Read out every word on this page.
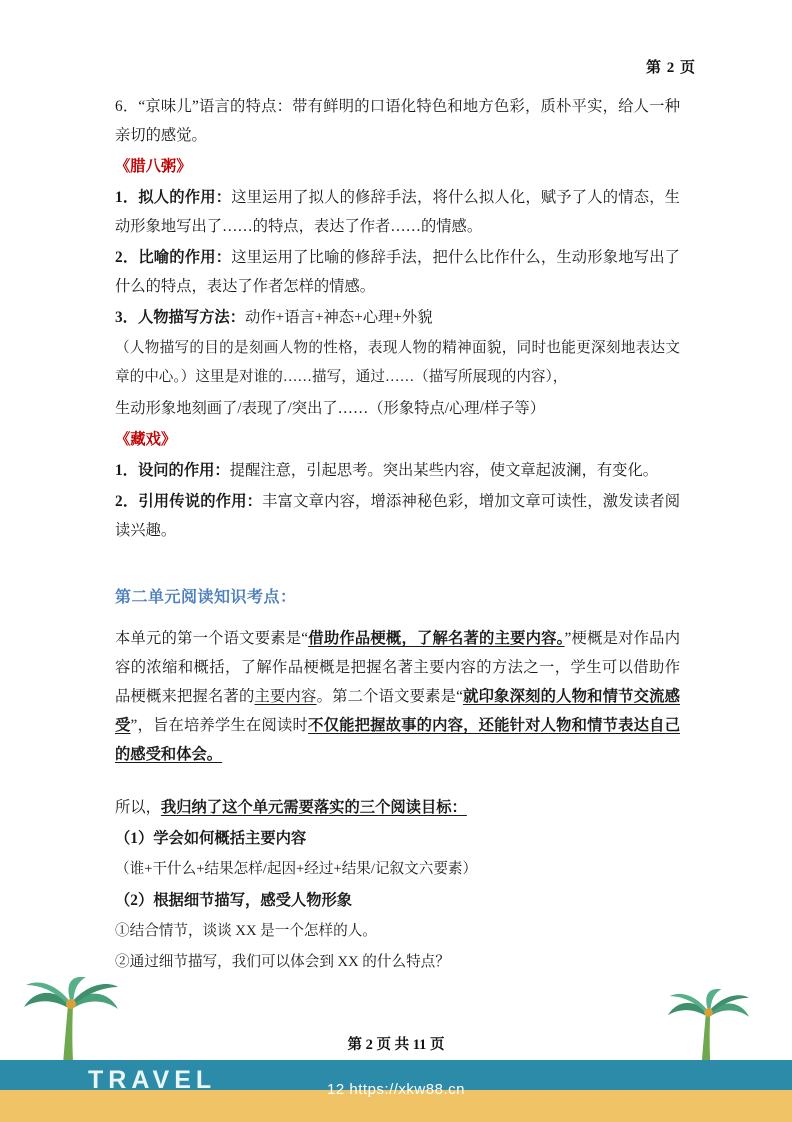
第 2 页

6．“京味儿”语言的特点：带有鲜明的口语化特色和地方色彩，质朴平实，给人一种亲切的感觉。

《腊八粥》

1．拟人的作用：这里运用了拟人的修辞手法，将什么拟人化，赋予了人的情态，生动形象地写出了……的特点，表达了作者……的情感。

2．比喻的作用：这里运用了比喻的修辞手法，把什么比作什么，生动形象地写出了什么的特点，表达了作者怎样的情感。

3．人物描写方法：动作+语言+神态+心理+外貌

（人物描写的目的是刻画人物的性格，表现人物的精神面貌，同时也能更深刻地表达文章的中心。）这里是对谁的……描写，通过……（描写所展现的内容），

生动形象地刻画了/表现了/突出了……（形象特点/心理/样子等）

《藏戏》

1．设问的作用：提醒注意，引起思考。突出某些内容，使文章起波澜，有变化。

2．引用传说的作用：丰富文章内容，增添神秘色彩，增加文章可读性，激发读者阅读兴趣。

第二单元阅读知识考点：

本单元的第一个语文要素是“借助作品梗概，了解名著的主要内容。”梗概是对作品内容的浓缩和概括，了解作品梗概是把握名著主要内容的方法之一，学生可以借助作品梗概来把握名著的主要内容。第二个语文要素是“就印象深刻的人物和情节交流感受”，旨在培养学生在阅读时不仅能把握故事的内容，还能针对人物和情节表达自己的感受和体会。

所以，我归纳了这个单元需要落实的三个阅读目标：

（1）学会如何概括主要内容

（谁+干什么+结果怎样/起因+经过+结果/记叙文六要素）

（2）根据细节描写，感受人物形象

①结合情节，谈谈 XX 是一个怎样的人。

②通过细节描写，我们可以体会到 XX 的什么特点？

第 2 页 共 11 页
TRAVEL	12 https://xkw88.cn
